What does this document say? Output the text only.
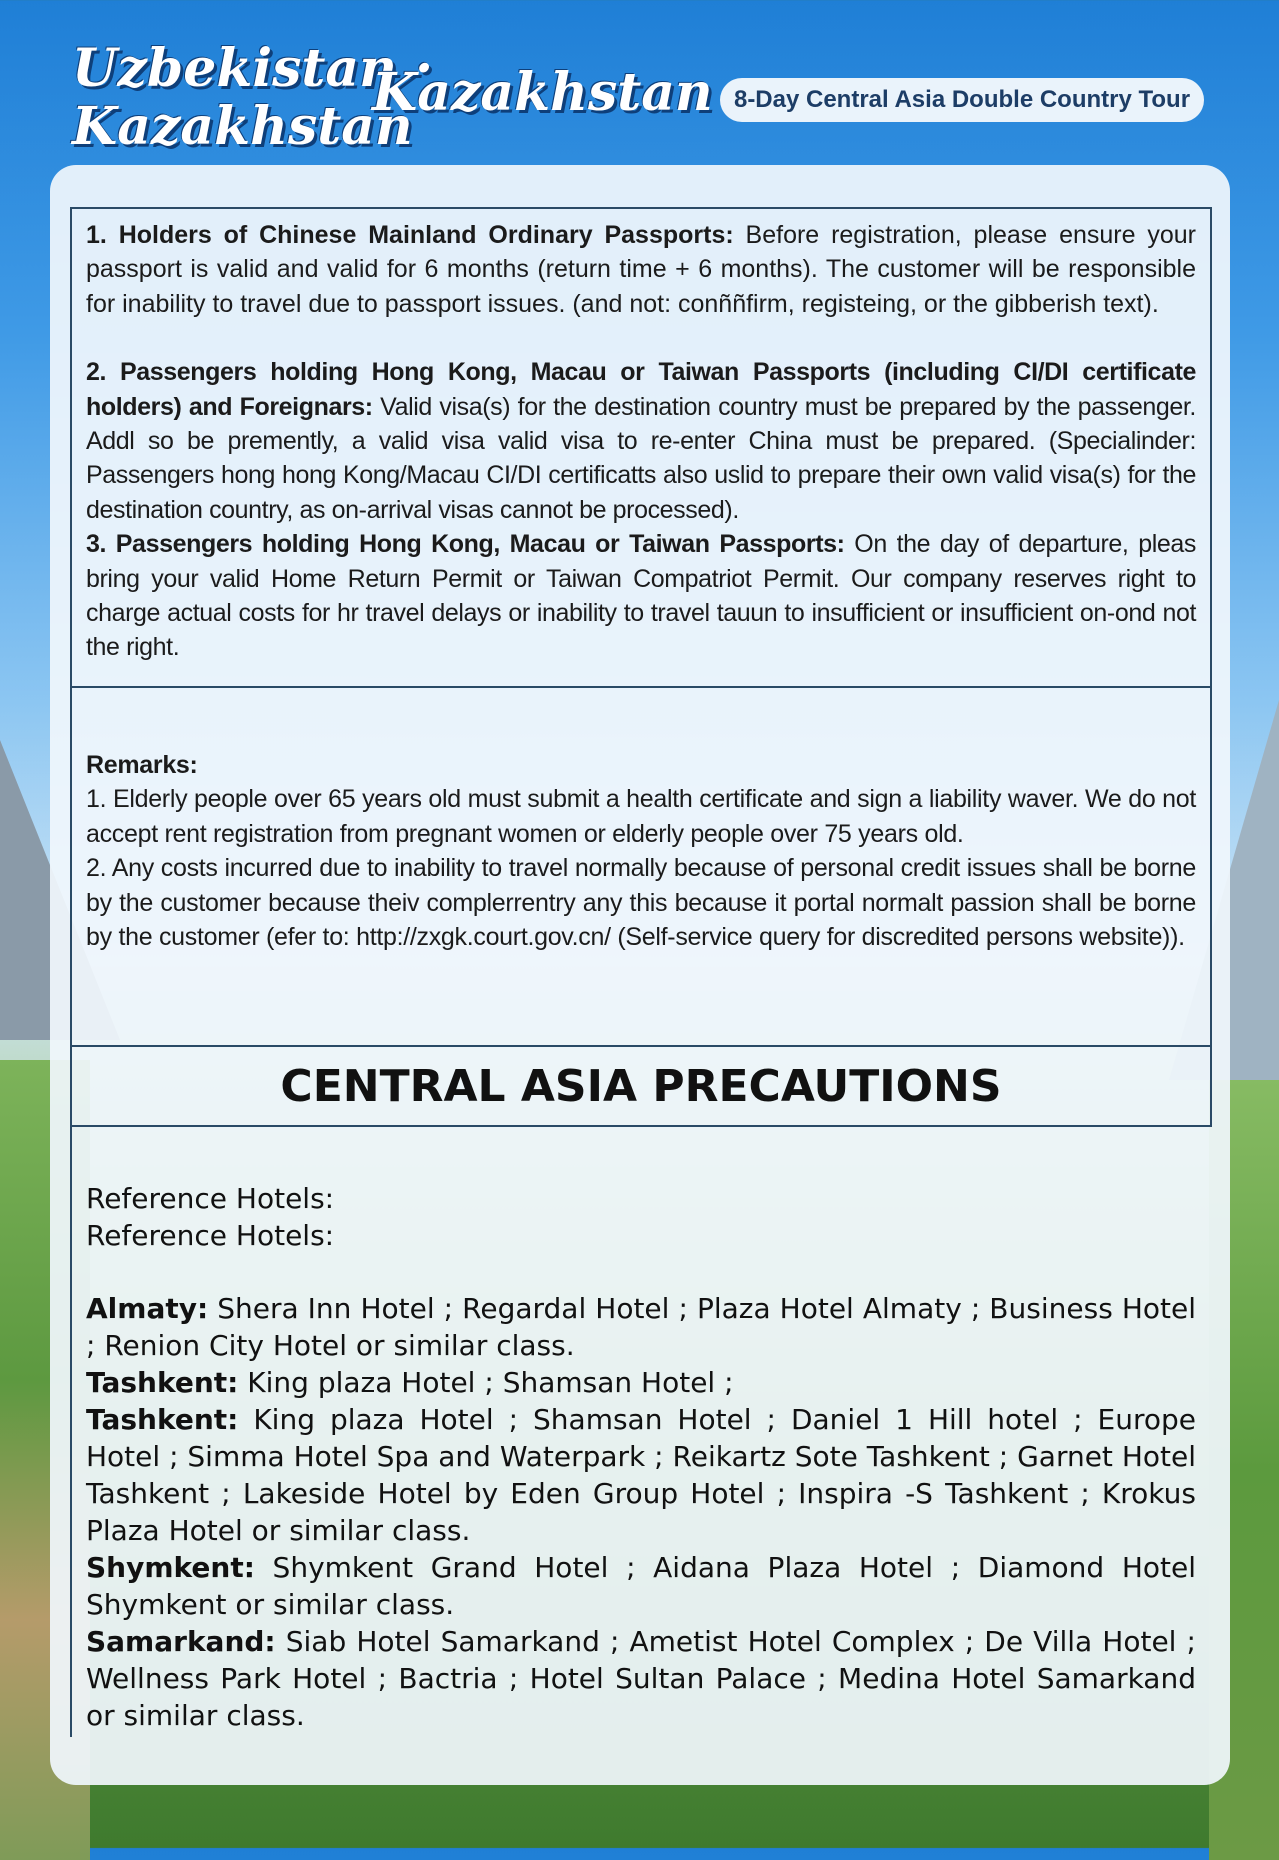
Uzbekistan ·
Kazakhstan
Kazakhstan 8-Day Central Asia Double Country Tour

1. Holders of Chinese Mainland Ordinary Passports: Before registration, please ensure your passport is valid and valid for 6 months (return time + 6 months). The customer will be responsible for inability to travel due to passport issues. (and not: conññfirm, registeing, or the gibberish text).

2. Passengers holding Hong Kong, Macau or Taiwan Passports (including CI/DI certificate holders) and Foreignars: Valid visa(s) for the destination country must be prepared by the passenger. Addl so be premently, a valid visa valid visa to re-enter China must be prepared. (Specialinder: Passengers hong hong Kong/Macau CI/DI certificatts also uslid to prepare their own valid visa(s) for the destination country, as on-arrival visas cannot be processed).

3. Passengers holding Hong Kong, Macau or Taiwan Passports: On the day of departure, pleas bring your valid Home Return Permit or Taiwan Compatriot Permit. Our company reserves right to charge actual costs for hr travel delays or inability to travel tauun to insufficient or insufficient on-ond not the right.

Remarks:

1. Elderly people over 65 years old must submit a health certificate and sign a liability waver. We do not accept rent registration from pregnant women or elderly people over 75 years old.

2. Any costs incurred due to inability to travel normally because of personal credit issues shall be borne by the customer because theiv complerrentry any this because it portal normalt passion shall be borne by the customer (efer to: http://zxgk.court.gov.cn/ (Self-service query for discredited persons website)).

CENTRAL ASIA PRECAUTIONS

Reference Hotels:

Reference Hotels:

Almaty: Shera Inn Hotel ; Regardal Hotel ; Plaza Hotel Almaty ; Business Hotel ; Renion City Hotel or similar class.

Tashkent: King plaza Hotel ; Shamsan Hotel ;

Tashkent: King plaza Hotel ; Shamsan Hotel ; Daniel 1 Hill hotel ; Europe Hotel ; Simma Hotel Spa and Waterpark ; Reikartz Sote Tashkent ; Garnet Hotel Tashkent ; Lakeside Hotel by Eden Group Hotel ; Inspira -S Tashkent ; Krokus Plaza Hotel or similar class.

Shymkent: Shymkent Grand Hotel ; Aidana Plaza Hotel ; Diamond Hotel Shymkent or similar class.

Samarkand: Siab Hotel Samarkand ; Ametist Hotel Complex ; De Villa Hotel ; Wellness Park Hotel ; Bactria ; Hotel Sultan Palace ; Medina Hotel Samarkand or similar class.
